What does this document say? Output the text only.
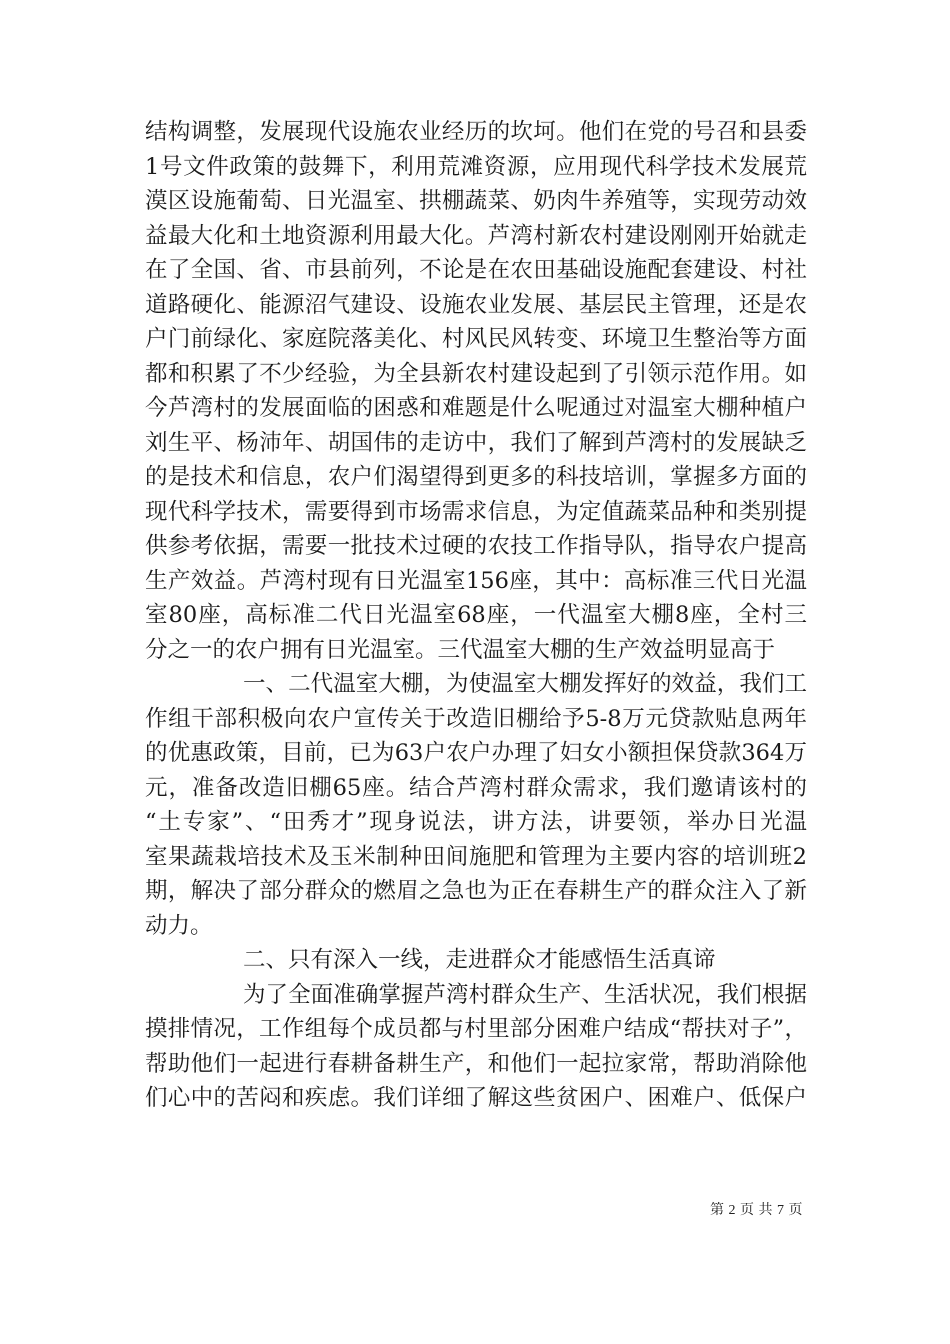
结构调整，发展现代设施农业经历的坎坷。他们在党的号召和县委
1号文件政策的鼓舞下，利用荒滩资源，应用现代科学技术发展荒
漠区设施葡萄、日光温室、拱棚蔬菜、奶肉牛养殖等，实现劳动效
益最大化和土地资源利用最大化。芦湾村新农村建设刚刚开始就走
在了全国、省、市县前列，不论是在农田基础设施配套建设、村社
道路硬化、能源沼气建设、设施农业发展、基层民主管理，还是农
户门前绿化、家庭院落美化、村风民风转变、环境卫生整治等方面
都和积累了不少经验，为全县新农村建设起到了引领示范作用。如
今芦湾村的发展面临的困惑和难题是什么呢通过对温室大棚种植户
刘生平、杨沛年、胡国伟的走访中，我们了解到芦湾村的发展缺乏
的是技术和信息，农户们渴望得到更多的科技培训，掌握多方面的
现代科学技术，需要得到市场需求信息，为定值蔬菜品种和类别提
供参考依据，需要一批技术过硬的农技工作指导队，指导农户提高
生产效益。芦湾村现有日光温室156座，其中：高标准三代日光温
室80座，高标准二代日光温室68座，一代温室大棚8座，全村三
分之一的农户拥有日光温室。三代温室大棚的生产效益明显高于
一、二代温室大棚，为使温室大棚发挥好的效益，我们工
作组干部积极向农户宣传关于改造旧棚给予5-8万元贷款贴息两年
的优惠政策，目前，已为63户农户办理了妇女小额担保贷款364万
元，准备改造旧棚65座。结合芦湾村群众需求，我们邀请该村的
“土专家”、“田秀才”现身说法，讲方法，讲要领，举办日光温
室果蔬栽培技术及玉米制种田间施肥和管理为主要内容的培训班2
期，解决了部分群众的燃眉之急也为正在春耕生产的群众注入了新
动力。
二、只有深入一线，走进群众才能感悟生活真谛
为了全面准确掌握芦湾村群众生产、生活状况，我们根据
摸排情况，工作组每个成员都与村里部分困难户结成“帮扶对子”，
帮助他们一起进行春耕备耕生产，和他们一起拉家常，帮助消除他
们心中的苦闷和疾虑。我们详细了解这些贫困户、困难户、低保户
第 2 页 共 7 页
